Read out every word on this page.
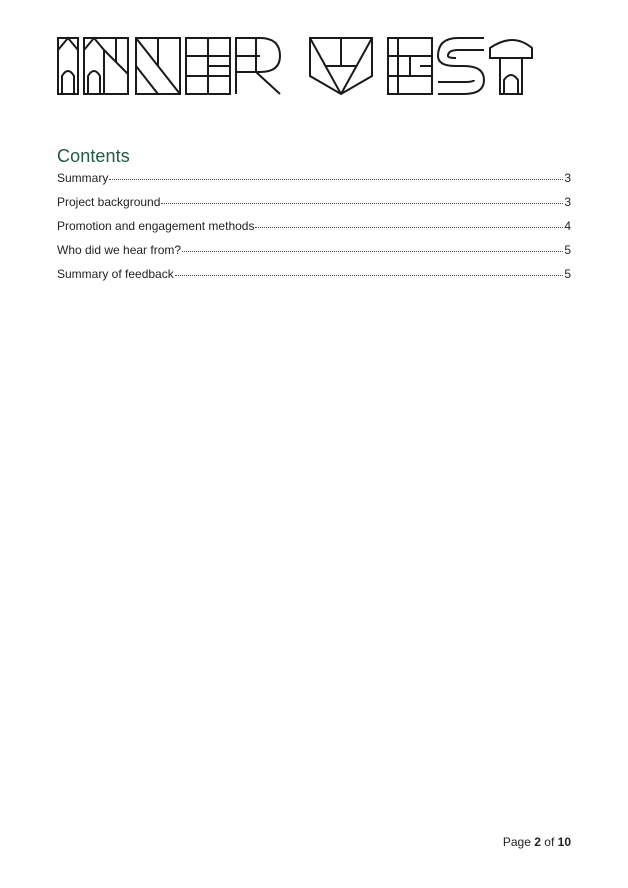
Contents
Summary	3
Project background	3
Promotion and engagement methods	4
Who did we hear from?	5
Summary of feedback	5
Page 2 of 10
